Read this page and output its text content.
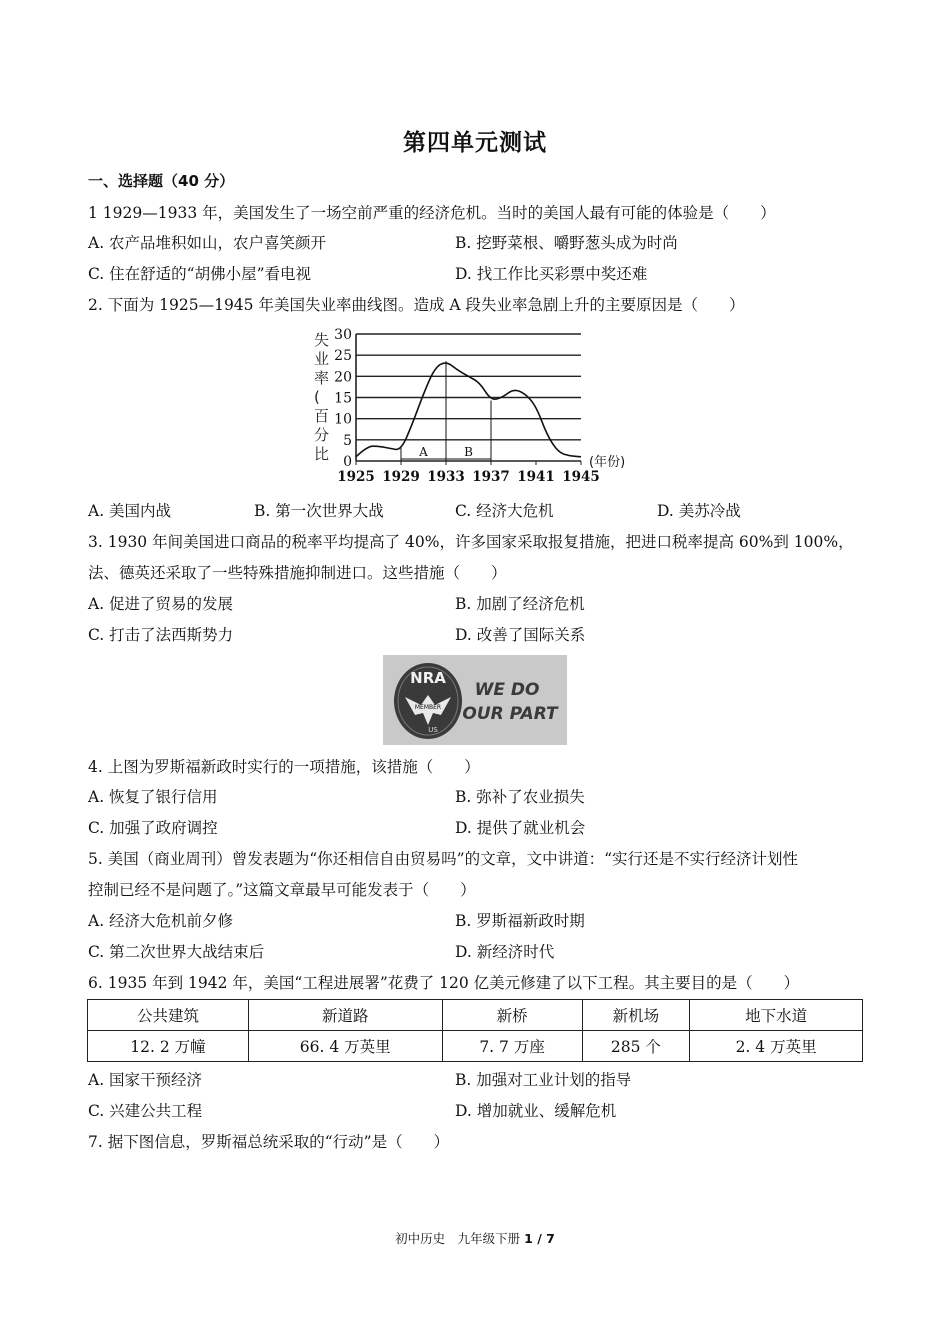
第四单元测试
一、选择题（40 分）
1 1929—1933 年，美国发生了一场空前严重的经济危机。当时的美国人最有可能的体验是（　　）
A. 农产品堆积如山，农户喜笑颜开	B. 挖野菜根、嚼野葱头成为时尚
C. 住在舒适的“胡佛小屋”看电视	D. 找工作比买彩票中奖还难
2. 下面为 1925—1945 年美国失业率曲线图。造成 A 段失业率急剧上升的主要原因是（　　）
0
5
10
15
20
25
30
1925 1929 1933 1937 1941 1945
失业率(百分比	A	B
(年份)
A. 美国内战	B. 第一次世界大战	C. 经济大危机	D. 美苏冷战
3. 1930 年间美国进口商品的税率平均提高了 40%，许多国家采取报复措施，把进口税率提高 60%到 100%，
法、德英还采取了一些特殊措施抑制进口。这些措施（　　）
A. 促进了贸易的发展	B. 加剧了经济危机
C. 打击了法西斯势力	D. 改善了国际关系
NRA
MEMBER
US
WE DO
OUR PART
4. 上图为罗斯福新政时实行的一项措施，该措施（　　）
A. 恢复了银行信用	B. 弥补了农业损失
C. 加强了政府调控	D. 提供了就业机会
5. 美国（商业周刊）曾发表题为“你还相信自由贸易吗”的文章，文中讲道：“实行还是不实行经济计划性
控制已经不是问题了。”这篇文章最早可能发表于（　　）
A. 经济大危机前夕修	B. 罗斯福新政时期
C. 第二次世界大战结束后	D. 新经济时代
6. 1935 年到 1942 年，美国“工程进展署”花费了 120 亿美元修建了以下工程。其主要目的是（　　）
公共建筑	新道路	新桥	新机场	地下水道
12. 2 万幢	66. 4 万英里	7. 7 万座	285 个	2. 4 万英里
A. 国家干预经济	B. 加强对工业计划的指导
C. 兴建公共工程	D. 增加就业、缓解危机
7. 据下图信息，罗斯福总统采取的“行动”是（　　）
初中历史　九年级下册 1 / 7
